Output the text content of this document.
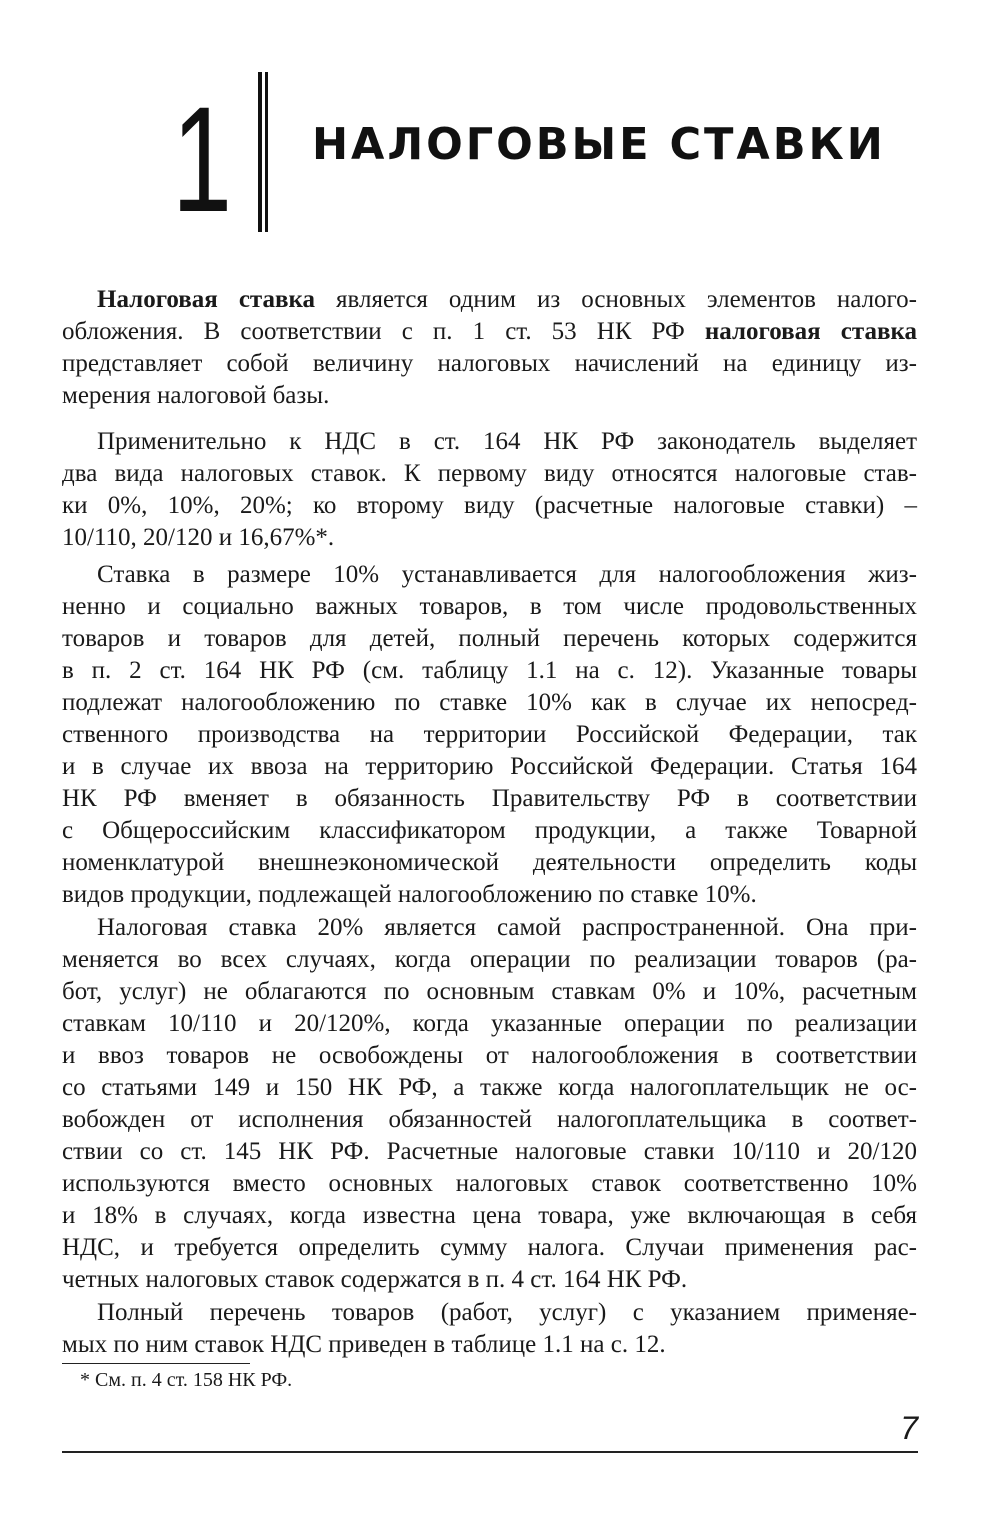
1 НАЛОГОВЫЕ СТАВКИ
Налоговая ставка является одним из основных элементов налого-
обложения. В соответствии с п. 1 ст. 53 НК РФ налоговая ставка
представляет собой величину налоговых начислений на единицу из-
мерения налоговой базы.
Применительно к НДС в ст. 164 НК РФ законодатель выделяет
два вида налоговых ставок. К первому виду относятся налоговые став-
ки 0%, 10%, 20%; ко второму виду (расчетные налоговые ставки) –
10/110, 20/120 и 16,67%*.
Ставка в размере 10% устанавливается для налогообложения жиз-
ненно и социально важных товаров, в том числе продовольственных
товаров и товаров для детей, полный перечень которых содержится
в п. 2 ст. 164 НК РФ (см. таблицу 1.1 на с. 12). Указанные товары
подлежат налогообложению по ставке 10% как в случае их непосред-
ственного производства на территории Российской Федерации, так
и в случае их ввоза на территорию Российской Федерации. Статья 164
НК РФ вменяет в обязанность Правительству РФ в соответствии
с Общероссийским классификатором продукции, а также Товарной
номенклатурой внешнеэкономической деятельности определить коды
видов продукции, подлежащей налогообложению по ставке 10%.
Налоговая ставка 20% является самой распространенной. Она при-
меняется во всех случаях, когда операции по реализации товаров (ра-
бот, услуг) не облагаются по основным ставкам 0% и 10%, расчетным
ставкам 10/110 и 20/120%, когда указанные операции по реализации
и ввоз товаров не освобождены от налогообложения в соответствии
со статьями 149 и 150 НК РФ, а также когда налогоплательщик не ос-
вобожден от исполнения обязанностей налогоплательщика в соответ-
ствии со ст. 145 НК РФ. Расчетные налоговые ставки 10/110 и 20/120
используются вместо основных налоговых ставок соответственно 10%
и 18% в случаях, когда известна цена товара, уже включающая в себя
НДС, и требуется определить сумму налога. Случаи применения рас-
четных налоговых ставок содержатся в п. 4 ст. 164 НК РФ.
Полный перечень товаров (работ, услуг) с указанием применяе-
мых по ним ставок НДС приведен в таблице 1.1 на с. 12.
* См. п. 4 ст. 158 НК РФ.
7
